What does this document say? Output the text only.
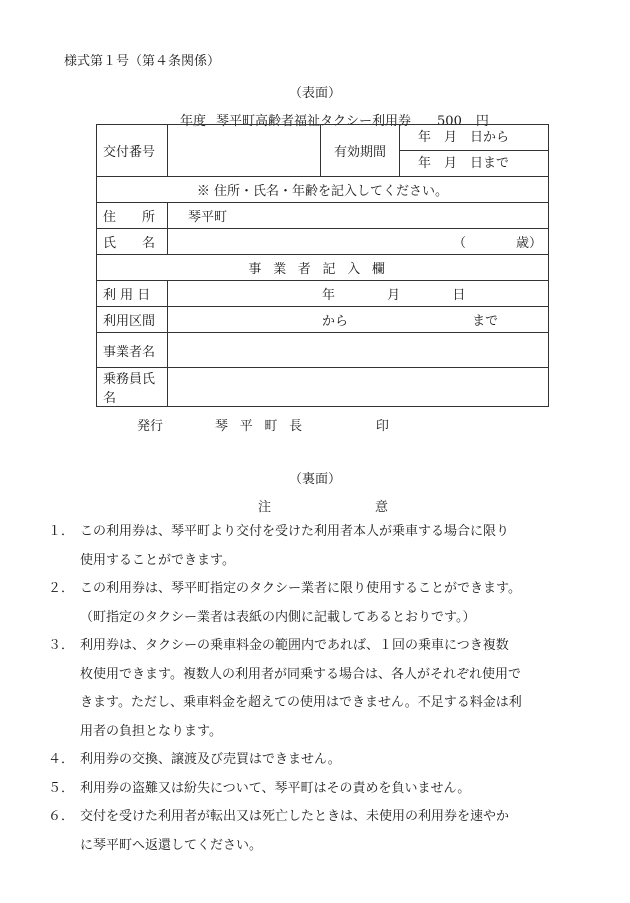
様式第１号（第４条関係）
（表面）
年度 琴平町高齢者福祉タクシー利用券 500 円
交付番号		有効期間	年　月　日から
			年　月　日まで
※ 住所・氏名・年齢を記入してください。			
住　　所	琴平町		
氏　　名	（ 歳）		

事業者記入欄			
利 用 日	年 月 日		
利用区間	から まで		
事業者名			
乗務員氏名			
発行	琴平町長	印
（裏面）
注	意
１． この利用券は、琴平町より交付を受けた利用者本人が乗車する場合に限り
使用することができます。
２． この利用券は、琴平町指定のタクシー業者に限り使用することができます。
（町指定のタクシー業者は表紙の内側に記載してあるとおりです。）
３． 利用券は、タクシーの乗車料金の範囲内であれば、１回の乗車につき複数
枚使用できます。複数人の利用者が同乗する場合は、各人がそれぞれ使用で
きます。ただし、乗車料金を超えての使用はできません。不足する料金は利
用者の負担となります。
４． 利用券の交換、譲渡及び売買はできません。
５． 利用券の盗難又は紛失について、琴平町はその責めを負いません。
６． 交付を受けた利用者が転出又は死亡したときは、未使用の利用券を速やか
に琴平町へ返還してください。
